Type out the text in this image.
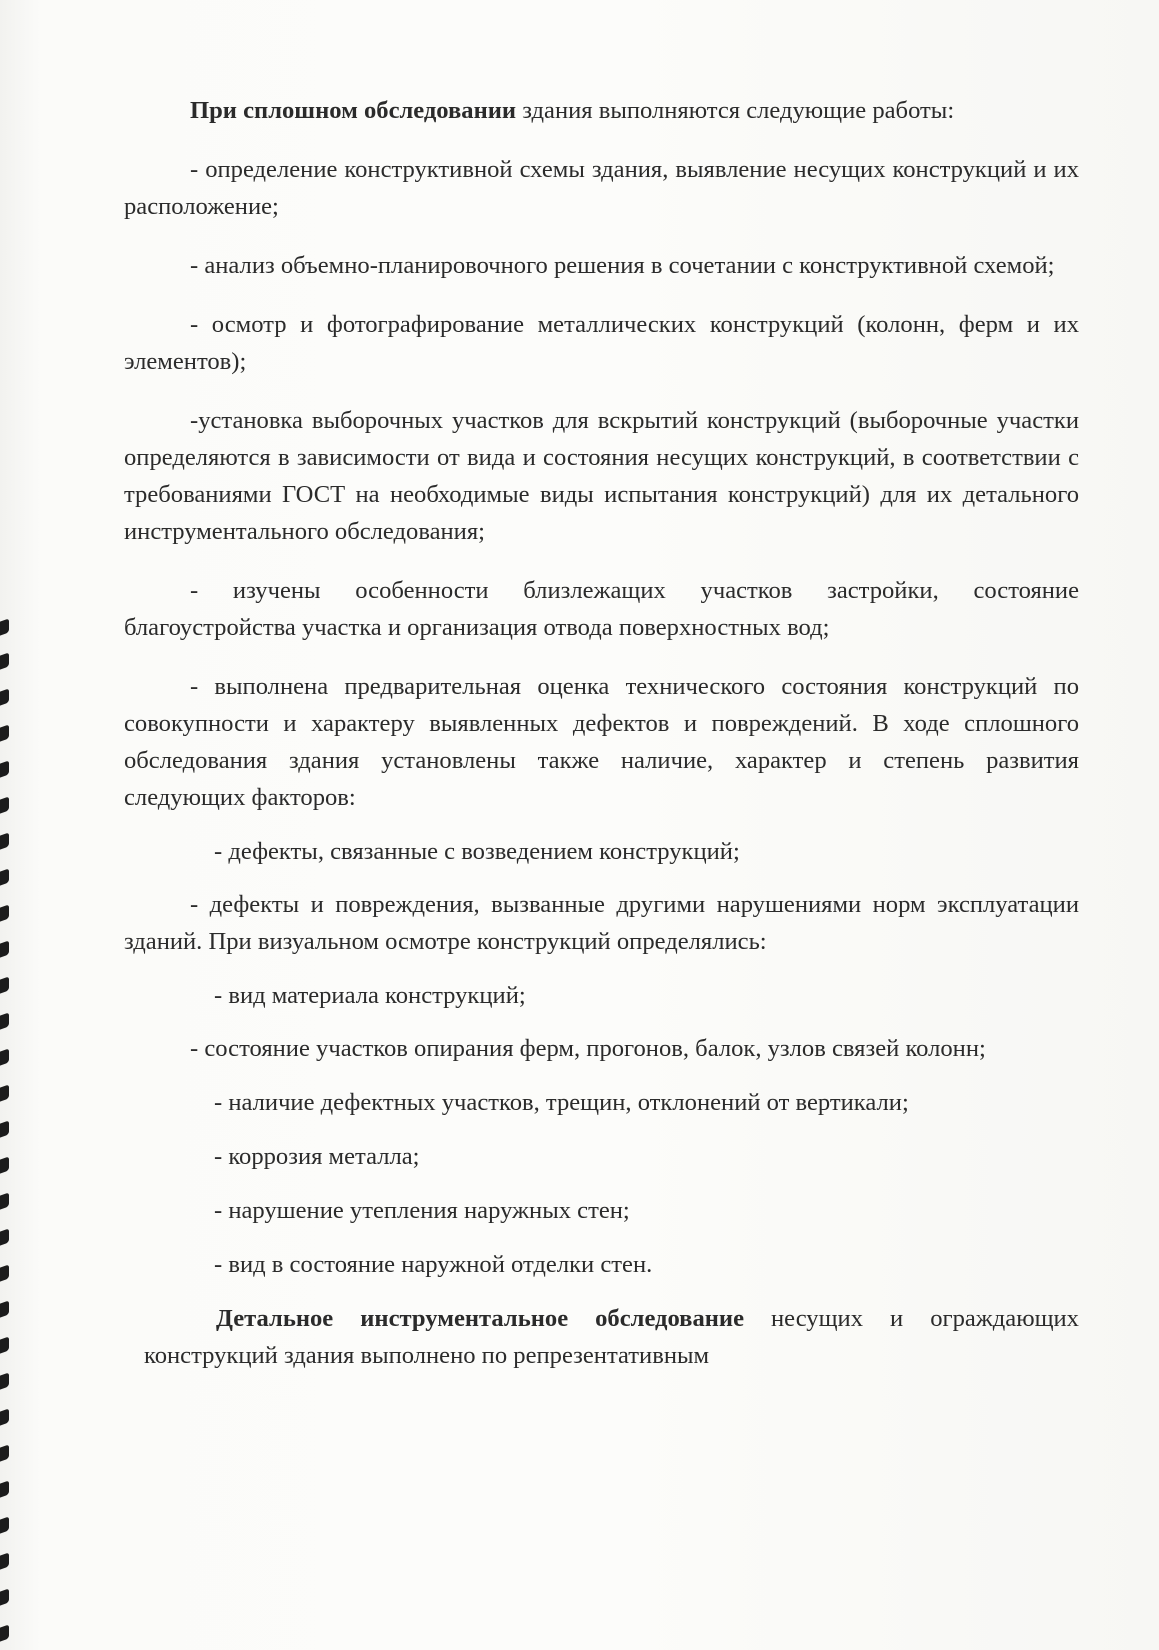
При сплошном обследовании здания выполняются следующие работы:

- определение конструктивной схемы здания, выявление несущих конструкций и их расположение;

- анализ объемно-планировочного решения в сочетании с конструктивной схемой;

- осмотр и фотографирование металлических конструкций (колонн, ферм и их элементов);

-установка выборочных участков для вскрытий конструкций (выборочные участки определяются в зависимости от вида и состояния несущих конструкций, в соответствии с требованиями ГОСТ на необходимые виды испытания конструкций) для их детального инструментального обследования;

- изучены особенности близлежащих участков застройки, состояние благоустройства участка и организация отвода поверхностных вод;

- выполнена предварительная оценка технического состояния конструкций по совокупности и характеру выявленных дефектов и повреждений. В ходе сплошного обследования здания установлены также наличие, характер и степень развития следующих факторов:

- дефекты, связанные с возведением конструкций;

- дефекты и повреждения, вызванные другими нарушениями норм эксплуатации зданий. При визуальном осмотре конструкций определялись:

- вид материала конструкций;

- состояние участков опирания ферм, прогонов, балок, узлов связей колонн;

- наличие дефектных участков, трещин, отклонений от вертикали;

- коррозия металла;

- нарушение утепления наружных стен;

- вид в состояние наружной отделки стен.

Детальное инструментальное обследование несущих и ограждающих конструкций здания выполнено по репрезентативным
